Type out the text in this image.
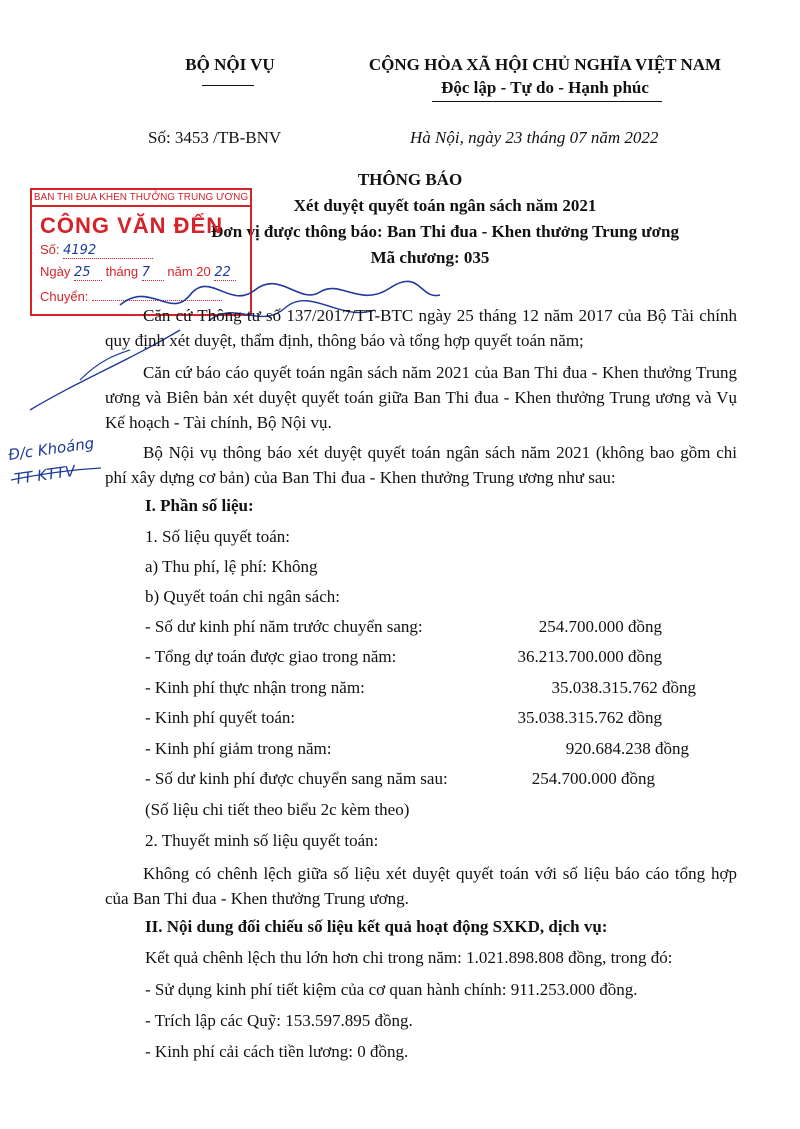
BỘ NỘI VỤ	CỘNG HÒA XÃ HỘI CHỦ NGHĨA VIỆT NAM
Độc lập - Tự do - Hạnh phúc
Số: 3453 /TB-BNV	Hà Nội, ngày 23 tháng 07 năm 2022
THÔNG BÁO
Xét duyệt quyết toán ngân sách năm 2021
Đơn vị được thông báo: Ban Thi đua - Khen thưởng Trung ương
Mã chương: 035
BAN THI ĐUA KHEN THƯỞNG TRUNG ƯƠNG
CÔNG VĂN ĐẾN
Số: 4192
Ngày 25 tháng 7 năm 20 22
Chuyển:
Đ/c Khoáng
TT KTTV
Căn cứ Thông tư số 137/2017/TT-BTC ngày 25 tháng 12 năm 2017 của Bộ Tài chính quy định xét duyệt, thẩm định, thông báo và tổng hợp quyết toán năm;
Căn cứ báo cáo quyết toán ngân sách năm 2021 của Ban Thi đua - Khen thưởng Trung ương và Biên bản xét duyệt quyết toán giữa Ban Thi đua - Khen thưởng Trung ương và Vụ Kế hoạch - Tài chính, Bộ Nội vụ.
Bộ Nội vụ thông báo xét duyệt quyết toán ngân sách năm 2021 (không bao gồm chi phí xây dựng cơ bản) của Ban Thi đua - Khen thưởng Trung ương như sau:
I. Phần số liệu:
1. Số liệu quyết toán:
a) Thu phí, lệ phí: Không
b) Quyết toán chi ngân sách:
- Số dư kinh phí năm trước chuyển sang:	254.700.000 đồng
- Tổng dự toán được giao trong năm:	36.213.700.000 đồng
- Kinh phí thực nhận trong năm:	35.038.315.762 đồng
- Kinh phí quyết toán:	35.038.315.762 đồng
- Kinh phí giảm trong năm:	920.684.238 đồng
- Số dư kinh phí được chuyển sang năm sau:	254.700.000 đồng
(Số liệu chi tiết theo biểu 2c kèm theo)
2. Thuyết minh số liệu quyết toán:
Không có chênh lệch giữa số liệu xét duyệt quyết toán với số liệu báo cáo tổng hợp của Ban Thi đua - Khen thưởng Trung ương.
II. Nội dung đối chiếu số liệu kết quả hoạt động SXKD, dịch vụ:
Kết quả chênh lệch thu lớn hơn chi trong năm: 1.021.898.808 đồng, trong đó:
- Sử dụng kinh phí tiết kiệm của cơ quan hành chính: 911.253.000 đồng.
- Trích lập các Quỹ: 153.597.895 đồng.
- Kinh phí cải cách tiền lương: 0 đồng.
